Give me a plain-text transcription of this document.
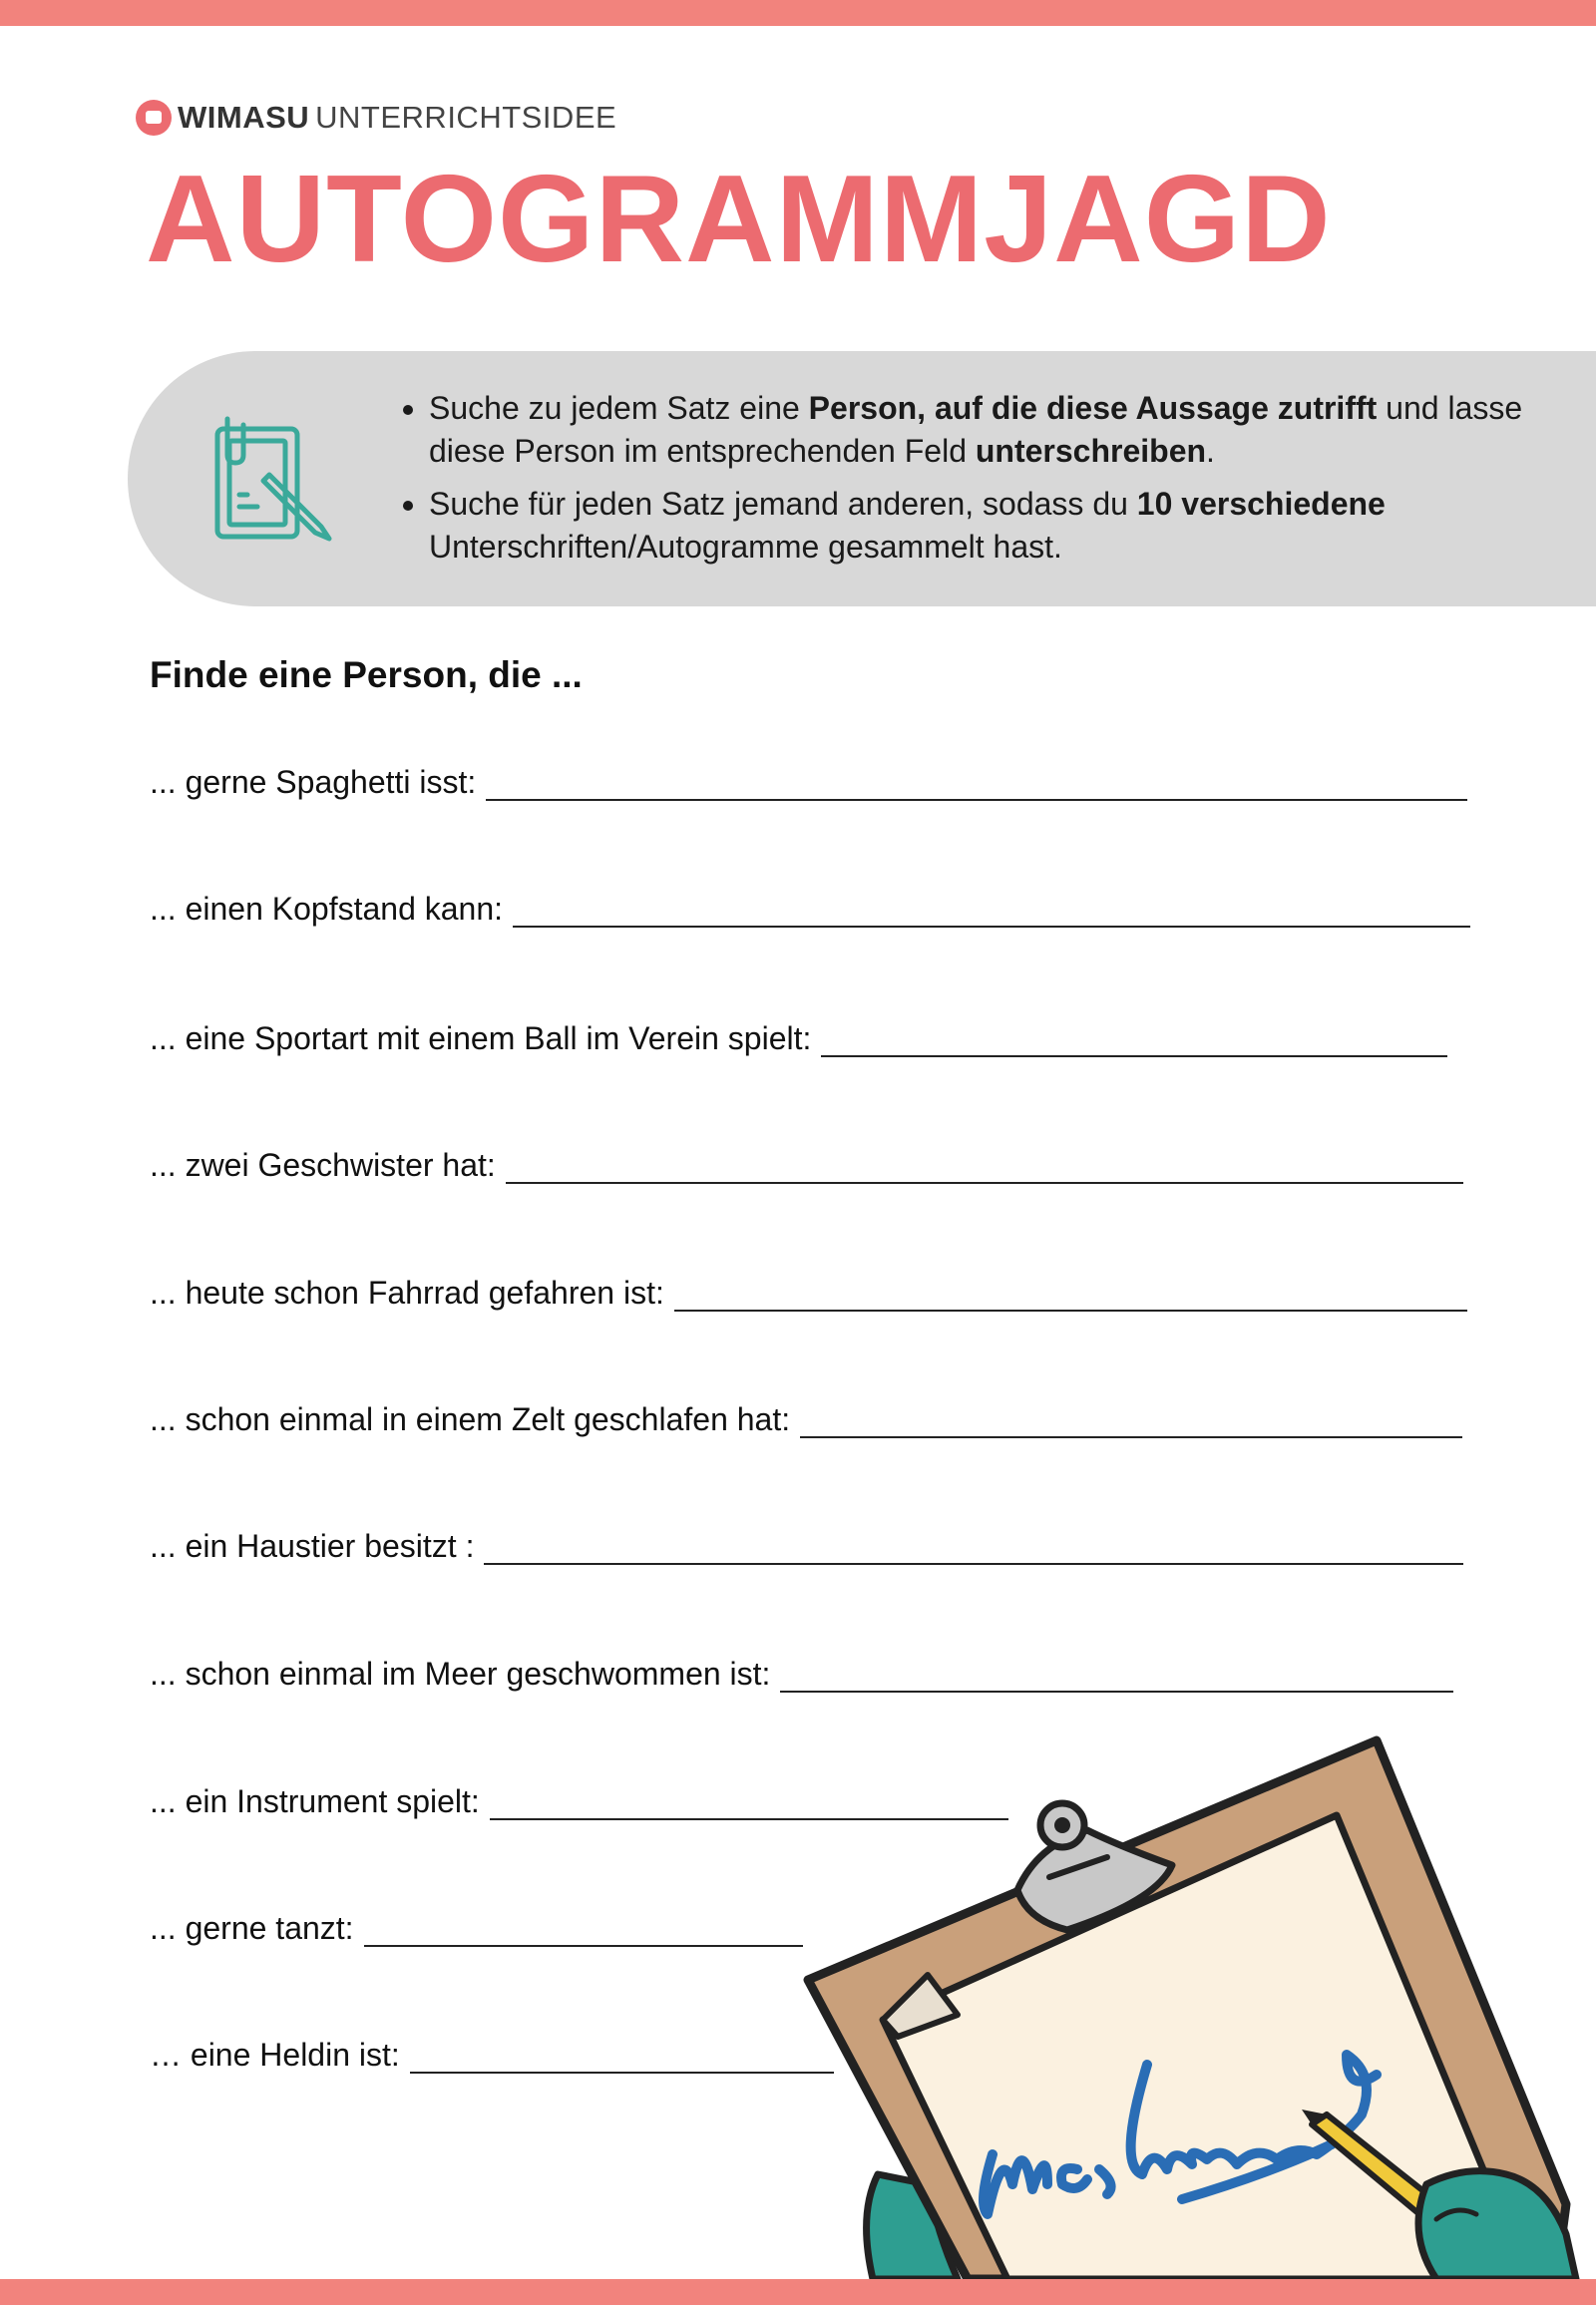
WIMASU UNTERRICHTSIDEE
AUTOGRAMMJAGD
• Suche zu jedem Satz eine Person, auf die diese Aussage zutrifft und lasse diese Person im entsprechenden Feld unterschreiben.
• Suche für jeden Satz jemand anderen, sodass du 10 verschiedene Unterschriften/Autogramme gesammelt hast.
Finde eine Person, die ...
... gerne Spaghetti isst:
... einen Kopfstand kann:
... eine Sportart mit einem Ball im Verein spielt:
... zwei Geschwister hat:
... heute schon Fahrrad gefahren ist:
... schon einmal in einem Zelt geschlafen hat:
... ein Haustier besitzt :
... schon einmal im Meer geschwommen ist:
... ein Instrument spielt:
... gerne tanzt:
… eine Heldin ist:
